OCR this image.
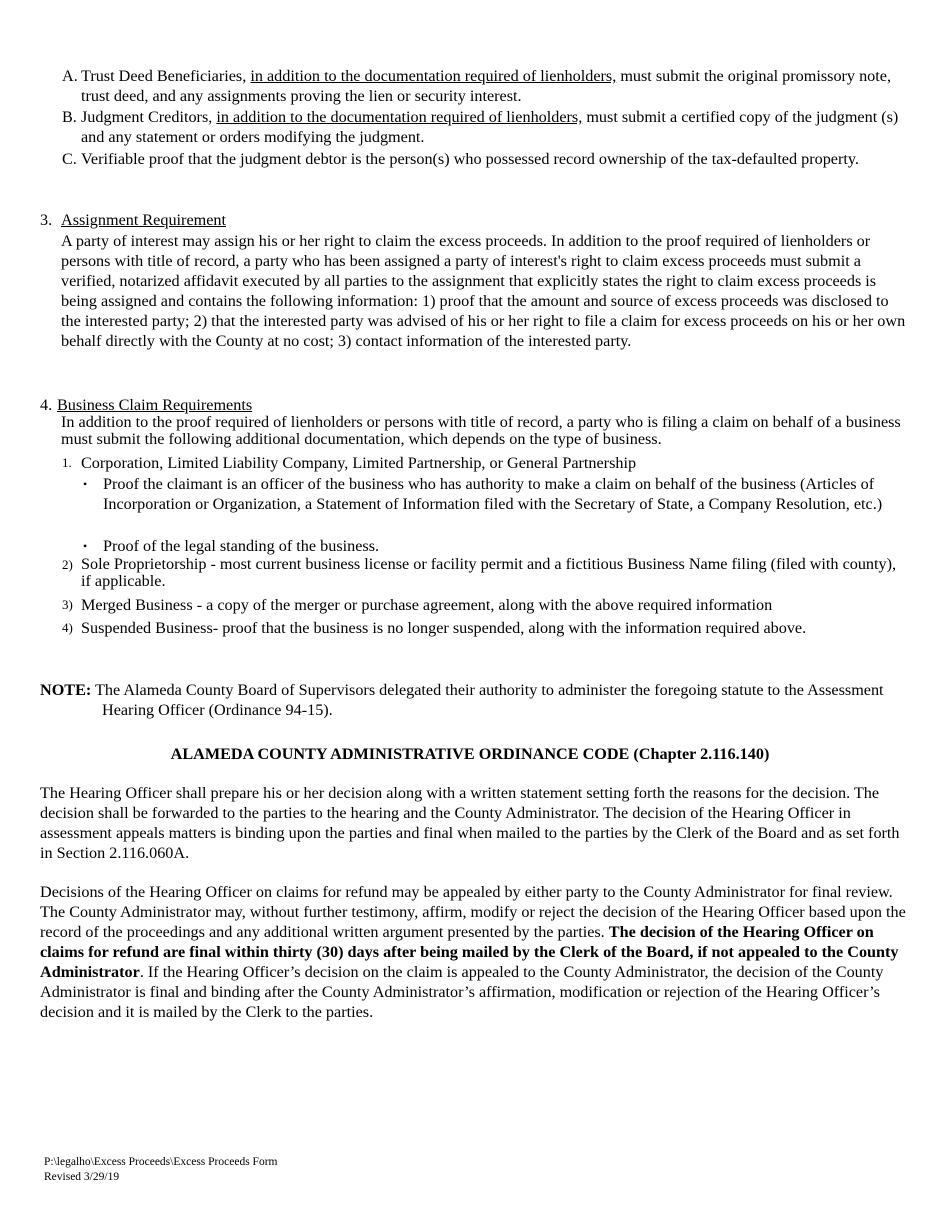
A. Trust Deed Beneficiaries, in addition to the documentation required of lienholders, must submit the original promissory note, trust deed, and any assignments proving the lien or security interest.
B. Judgment Creditors, in addition to the documentation required of lienholders, must submit a certified copy of the judgment (s) and any statement or orders modifying the judgment.
C. Verifiable proof that the judgment debtor is the person(s) who possessed record ownership of the tax-defaulted property.
3. Assignment Requirement
A party of interest may assign his or her right to claim the excess proceeds. In addition to the proof required of lienholders or persons with title of record, a party who has been assigned a party of interest's right to claim excess proceeds must submit a verified, notarized affidavit executed by all parties to the assignment that explicitly states the right to claim excess proceeds is being assigned and contains the following information: 1) proof that the amount and source of excess proceeds was disclosed to the interested party; 2) that the interested party was advised of his or her right to file a claim for excess proceeds on his or her own behalf directly with the County at no cost; 3) contact information of the interested party.
4. Business Claim Requirements
In addition to the proof required of lienholders or persons with title of record, a party who is filing a claim on behalf of a business must submit the following additional documentation, which depends on the type of business.
1. Corporation, Limited Liability Company, Limited Partnership, or General Partnership
• Proof the claimant is an officer of the business who has authority to make a claim on behalf of the business (Articles of Incorporation or Organization, a Statement of Information filed with the Secretary of State, a Company Resolution, etc.)
• Proof of the legal standing of the business.
2) Sole Proprietorship - most current business license or facility permit and a fictitious Business Name filing (filed with county), if applicable.
3) Merged Business - a copy of the merger or purchase agreement, along with the above required information
4) Suspended Business- proof that the business is no longer suspended, along with the information required above.
NOTE: The Alameda County Board of Supervisors delegated their authority to administer the foregoing statute to the Assessment Hearing Officer (Ordinance 94-15).
ALAMEDA COUNTY ADMINISTRATIVE ORDINANCE CODE (Chapter 2.116.140)
The Hearing Officer shall prepare his or her decision along with a written statement setting forth the reasons for the decision. The decision shall be forwarded to the parties to the hearing and the County Administrator. The decision of the Hearing Officer in assessment appeals matters is binding upon the parties and final when mailed to the parties by the Clerk of the Board and as set forth in Section 2.116.060A.
Decisions of the Hearing Officer on claims for refund may be appealed by either party to the County Administrator for final review. The County Administrator may, without further testimony, affirm, modify or reject the decision of the Hearing Officer based upon the record of the proceedings and any additional written argument presented by the parties. The decision of the Hearing Officer on claims for refund are final within thirty (30) days after being mailed by the Clerk of the Board, if not appealed to the County Administrator. If the Hearing Officer’s decision on the claim is appealed to the County Administrator, the decision of the County Administrator is final and binding after the County Administrator’s affirmation, modification or rejection of the Hearing Officer’s decision and it is mailed by the Clerk to the parties.
P:\legalho\Excess Proceeds\Excess Proceeds Form
Revised 3/29/19
